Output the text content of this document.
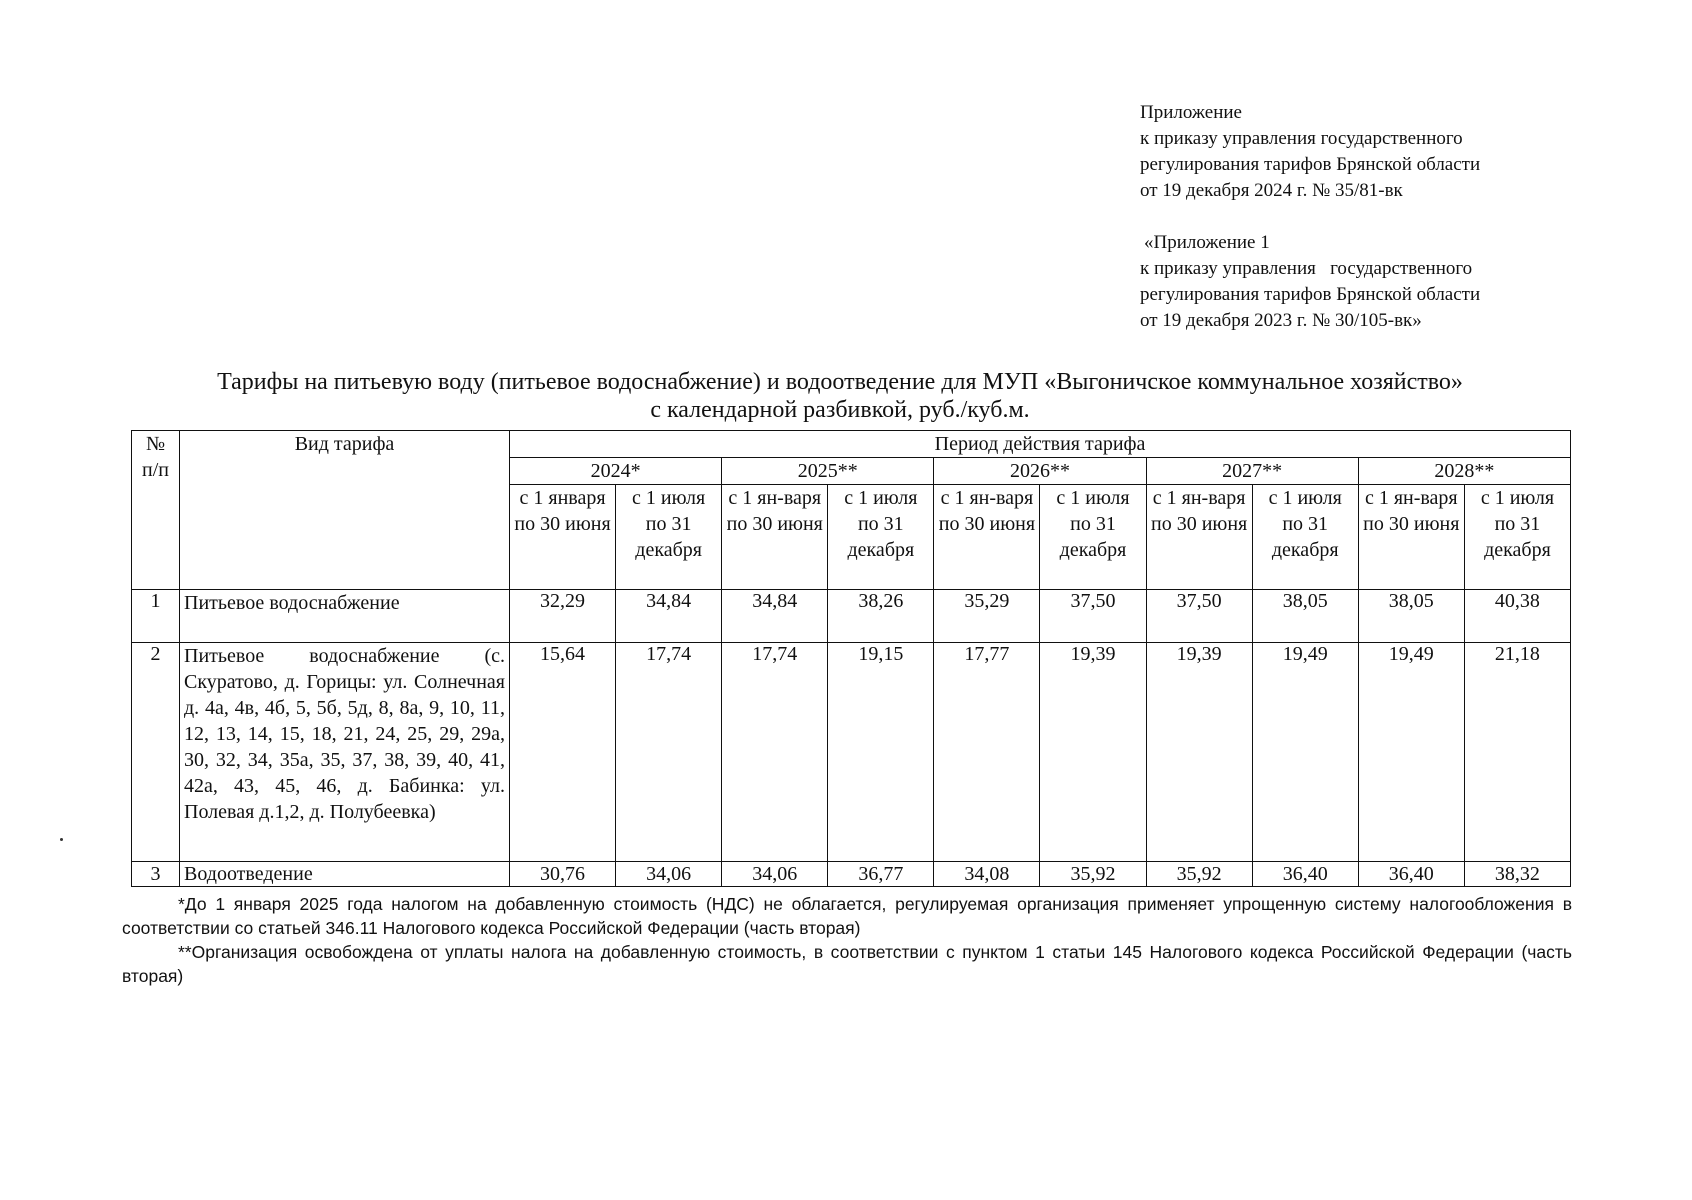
Приложение
к приказу управления государственного
регулирования тарифов Брянской области
от 19 декабря 2024 г. № 35/81-вк
«Приложение 1
к приказу управления   государственного
регулирования тарифов Брянской области
от 19 декабря 2023 г. № 30/105-вк»
Тарифы на питьевую воду (питьевое водоснабжение) и водоотведение для МУП «Выгоничское коммунальное хозяйство»
с календарной разбивкой, руб./куб.м.
№ п/п	Вид тарифа	Период действия тарифа									
		2024*		2025**		2026**		2027**		2028**	
		с 1 января по 30 июня	с 1 июля по 31 декабря	с 1 ян-варя по 30 июня	с 1 июля по 31 декабря	с 1 ян-варя по 30 июня	с 1 июля по 31 декабря	с 1 ян-варя по 30 июня	с 1 июля по 31 декабря	с 1 ян-варя по 30 июня	с 1 июля по 31 декабря
1	Питьевое водоснабжение	32,29	34,84	34,84	38,26	35,29	37,50	37,50	38,05	38,05	40,38
2	Питьевое водоснабжение (с. Скуратово, д. Горицы: ул. Солнечная д. 4а, 4в, 4б, 5, 5б, 5д, 8, 8а, 9, 10, 11, 12, 13, 14, 15, 18, 21, 24, 25, 29, 29а, 30, 32, 34, 35а, 35, 37, 38, 39, 40, 41, 42а, 43, 45, 46, д. Бабинка: ул. Полевая д.1,2, д. Полубеевка)	15,64	17,74	17,74	19,15	17,77	19,39	19,39	19,49	19,49	21,18
3	Водоотведение	30,76	34,06	34,06	36,77	34,08	35,92	35,92	36,40	36,40	38,32

*До 1 января 2025 года налогом на добавленную стоимость (НДС) не облагается, регулируемая организация применяет упрощенную систему налогообложения в соответствии со статьей 346.11 Налогового кодекса Российской Федерации (часть вторая)

**Организация освобождена от уплаты налога на добавленную стоимость, в соответствии с пунктом 1 статьи 145 Налогового кодекса Российской Федерации (часть вторая)
